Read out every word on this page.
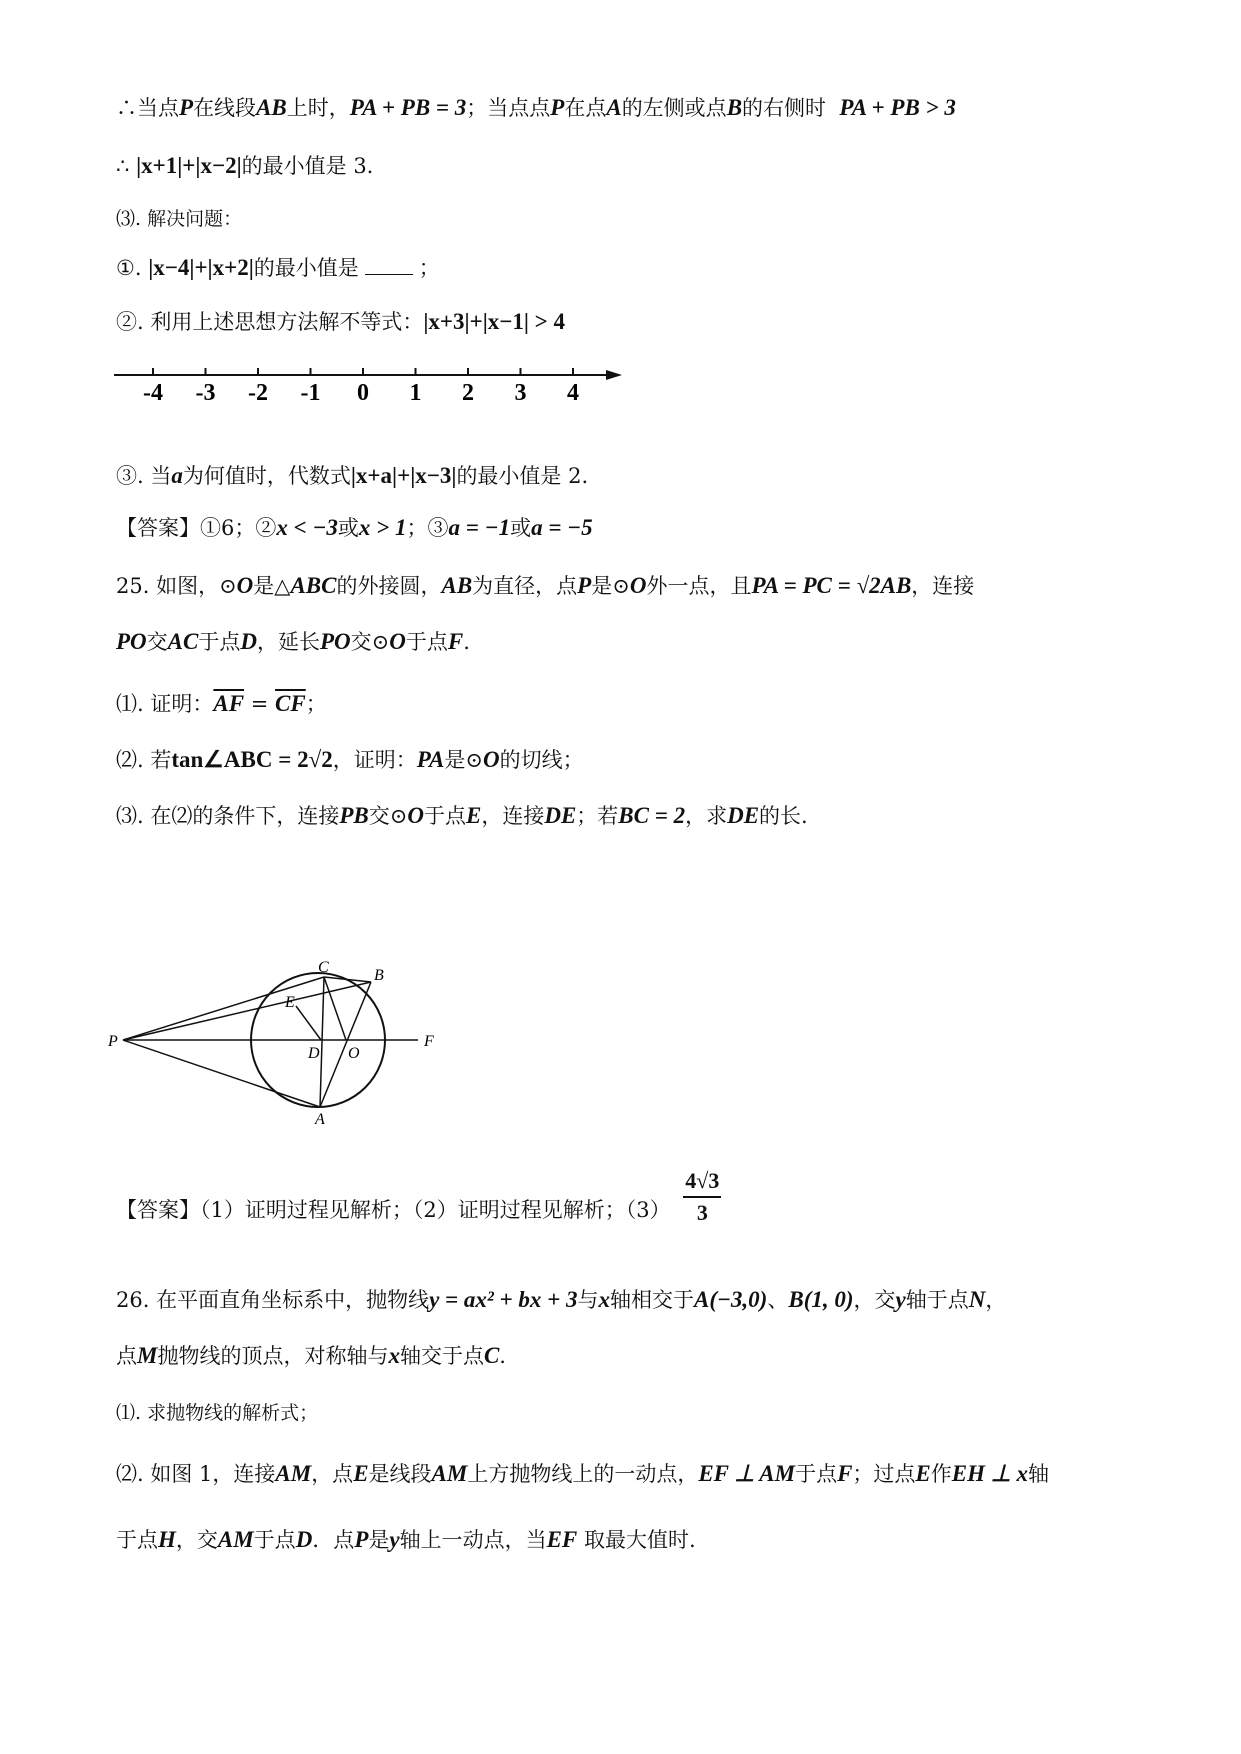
∴当点P在线段AB上时，PA + PB = 3；当点点P在点A的左侧或点B的右侧时 PA + PB > 3
∴ |x+1|+|x−2|的最小值是 3.
⑶. 解决问题：
①. |x−4|+|x+2|的最小值是	；
②. 利用上述思想方法解不等式：|x+3|+|x−1| > 4
-4 -3 -2 -1 0 1 2 3 4
③. 当a为何值时，代数式|x+a|+|x−3|的最小值是 2.
【答案】①6；②x < −3或x > 1；③a = −1或a = −5
25. 如图，⊙O是△ABC的外接圆，AB为直径，点P是⊙O外一点，且PA = PC = √2AB，连接
PO交AC于点D，延长PO交⊙O于点F.
⑴. 证明：$\overline{AF} = \overline{CF}$；
⑵. 若tan∠ABC = 2√2，证明：PA是⊙O的切线；
⑶. 在⑵的条件下，连接PB交⊙O于点E，连接DE；若BC = 2，求DE的长.
C	B
E
P
D O
F
A
【答案】（1）证明过程见解析；（2）证明过程见解析；$(3) \frac{4√3}{3}$
26. 在平面直角坐标系中，抛物线y = ax² + bx + 3与x轴相交于A(−3,0)、B(1, 0)，交y轴于点N，
点M抛物线的顶点，对称轴与x轴交于点C.
⑴. 求抛物线的解析式；
⑵. 如图 1，连接AM，点E是线段AM上方抛物线上的一动点，EF ⊥ AM于点F；过点E作EH ⊥ x轴
于点H，交AM于点D．点P是y轴上一动点，当EF 取最大值时.
